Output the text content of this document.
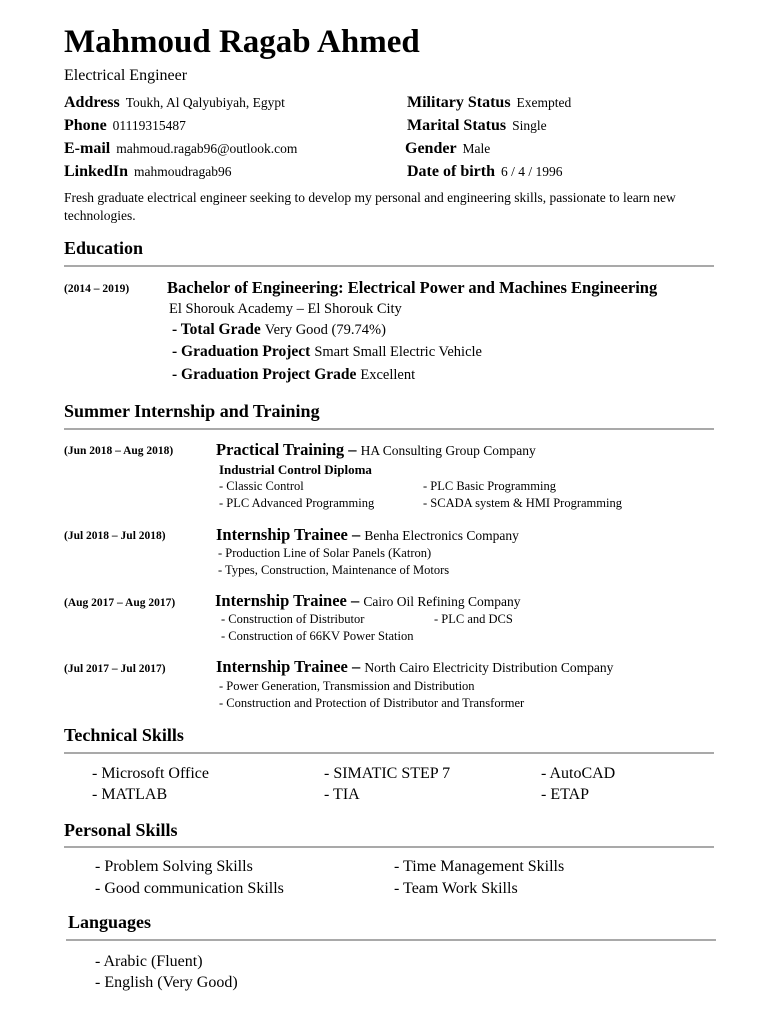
Mahmoud Ragab Ahmed
Electrical Engineer
Address Toukh, Al Qalyubiyah, Egypt
Phone 01119315487
E-mail mahmoud.ragab96@outlook.com
LinkedIn mahmoudragab96
Military Status Exempted
Marital Status Single
Gender Male
Date of birth 6 / 4 / 1996
Fresh graduate electrical engineer seeking to develop my personal and engineering skills, passionate to learn new technologies.
Education
(2014 – 2019) Bachelor of Engineering: Electrical Power and Machines Engineering
El Shorouk Academy – El Shorouk City
- Total Grade Very Good (79.74%)
- Graduation Project Smart Small Electric Vehicle
- Graduation Project Grade Excellent
Summer Internship and Training
(Jun 2018 – Aug 2018)	Practical Training – HA Consulting Group Company
Industrial Control Diploma
- Classic Control	- PLC Basic Programming
- PLC Advanced Programming	- SCADA system & HMI Programming
(Jul 2018 – Jul 2018)	Internship Trainee – Benha Electronics Company
- Production Line of Solar Panels (Katron)
- Types, Construction, Maintenance of Motors
(Aug 2017 – Aug 2017) Internship Trainee – Cairo Oil Refining Company
- Construction of Distributor	- PLC and DCS
- Construction of 66KV Power Station
(Jul 2017 – Jul 2017)	Internship Trainee – North Cairo Electricity Distribution Company
- Power Generation, Transmission and Distribution
- Construction and Protection of Distributor and Transformer
Technical Skills
- Microsoft Office	- SIMATIC STEP 7	- AutoCAD
- MATLAB	- TIA	- ETAP
Personal Skills
- Problem Solving Skills	- Time Management Skills
- Good communication Skills	- Team Work Skills
Languages
- Arabic (Fluent)
- English (Very Good)
